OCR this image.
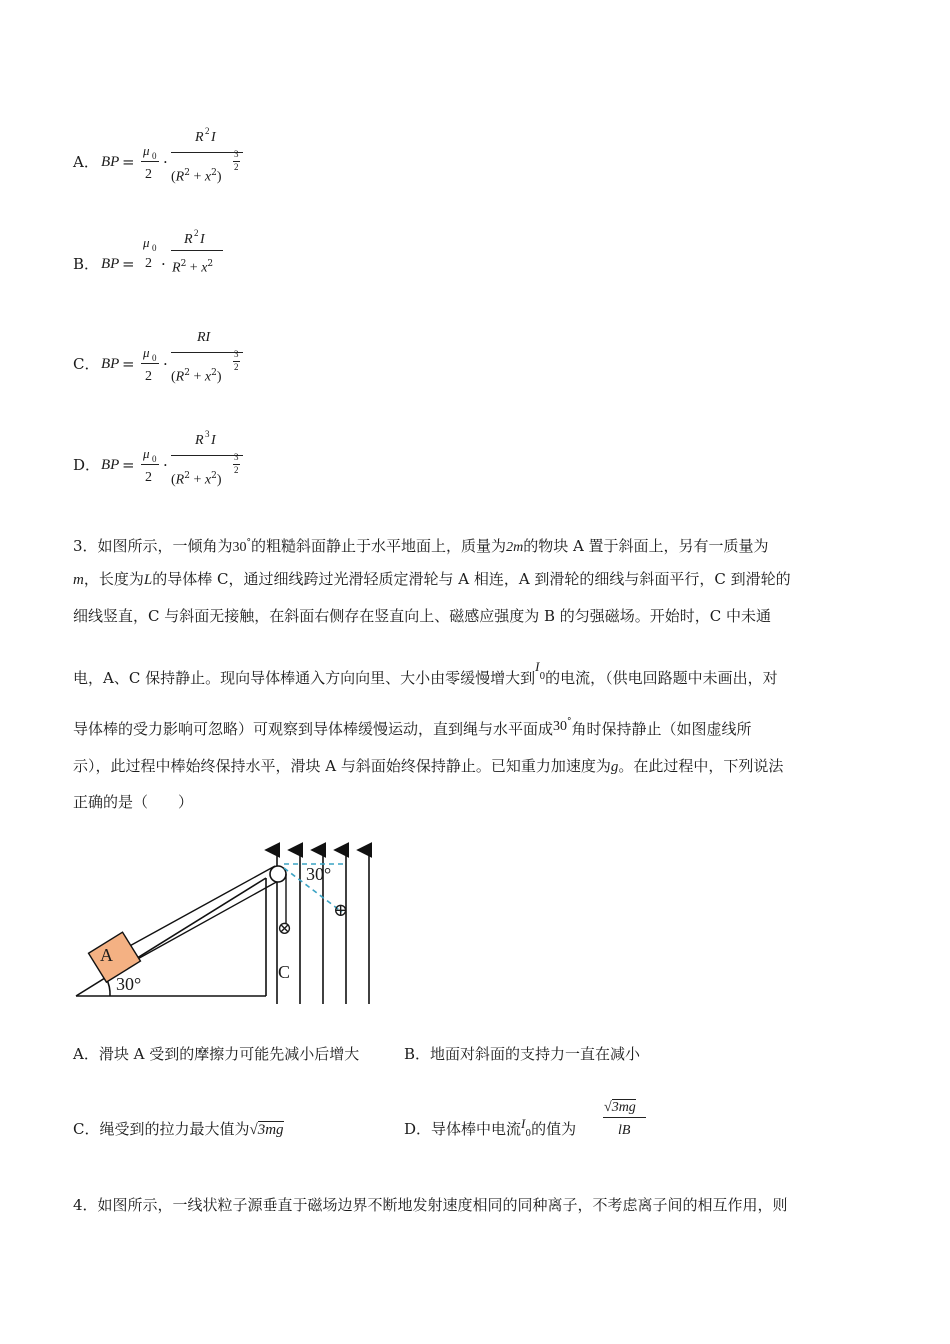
A． BP =
μ 0
2
·
R 2 I
$(R^2 + x^2)$
3
2
B． BP =
μ 0
2 ·
R 2 I
$R^2 + x^2$
C． BP =
μ 0
2
·
RI
$(R^2 + x^2)$
3
2
D． BP =
μ 0
2
·
R 3 I
$(R^2 + x^2)$
3
2
3．如图所示，一倾角为30°的粗糙斜面静止于水平地面上，质量为2m的物块 A 置于斜面上，另有一质量为
m，长度为L的导体棒 C，通过细线跨过光滑轻质定滑轮与 A 相连，A 到滑轮的细线与斜面平行，C 到滑轮的
细线竖直，C 与斜面无接触，在斜面右侧存在竖直向上、磁感应强度为 B 的匀强磁场。开始时，C 中未通
电，A、C 保持静止。现向导体棒通入方向向里、大小由零缓慢增大到$I_0$的电流，（供电回路题中未画出，对
导体棒的受力影响可忽略）可观察到导体棒缓慢运动，直到绳与水平面成30°角时保持静止（如图虚线所
示），此过程中棒始终保持水平，滑块 A 与斜面始终保持静止。已知重力加速度为g。在此过程中，下列说法
正确的是（　　）
A
30°
30°
C
⊗
⊕
A．滑块 A 受到的摩擦力可能先减小后增大	B．地面对斜面的支持力一直在减小
C．绳受到的拉力最大值为√3mg	D．导体棒中电流$I_0$的值为
√3mg
lB
4．如图所示，一线状粒子源垂直于磁场边界不断地发射速度相同的同种离子，不考虑离子间的相互作用，则
